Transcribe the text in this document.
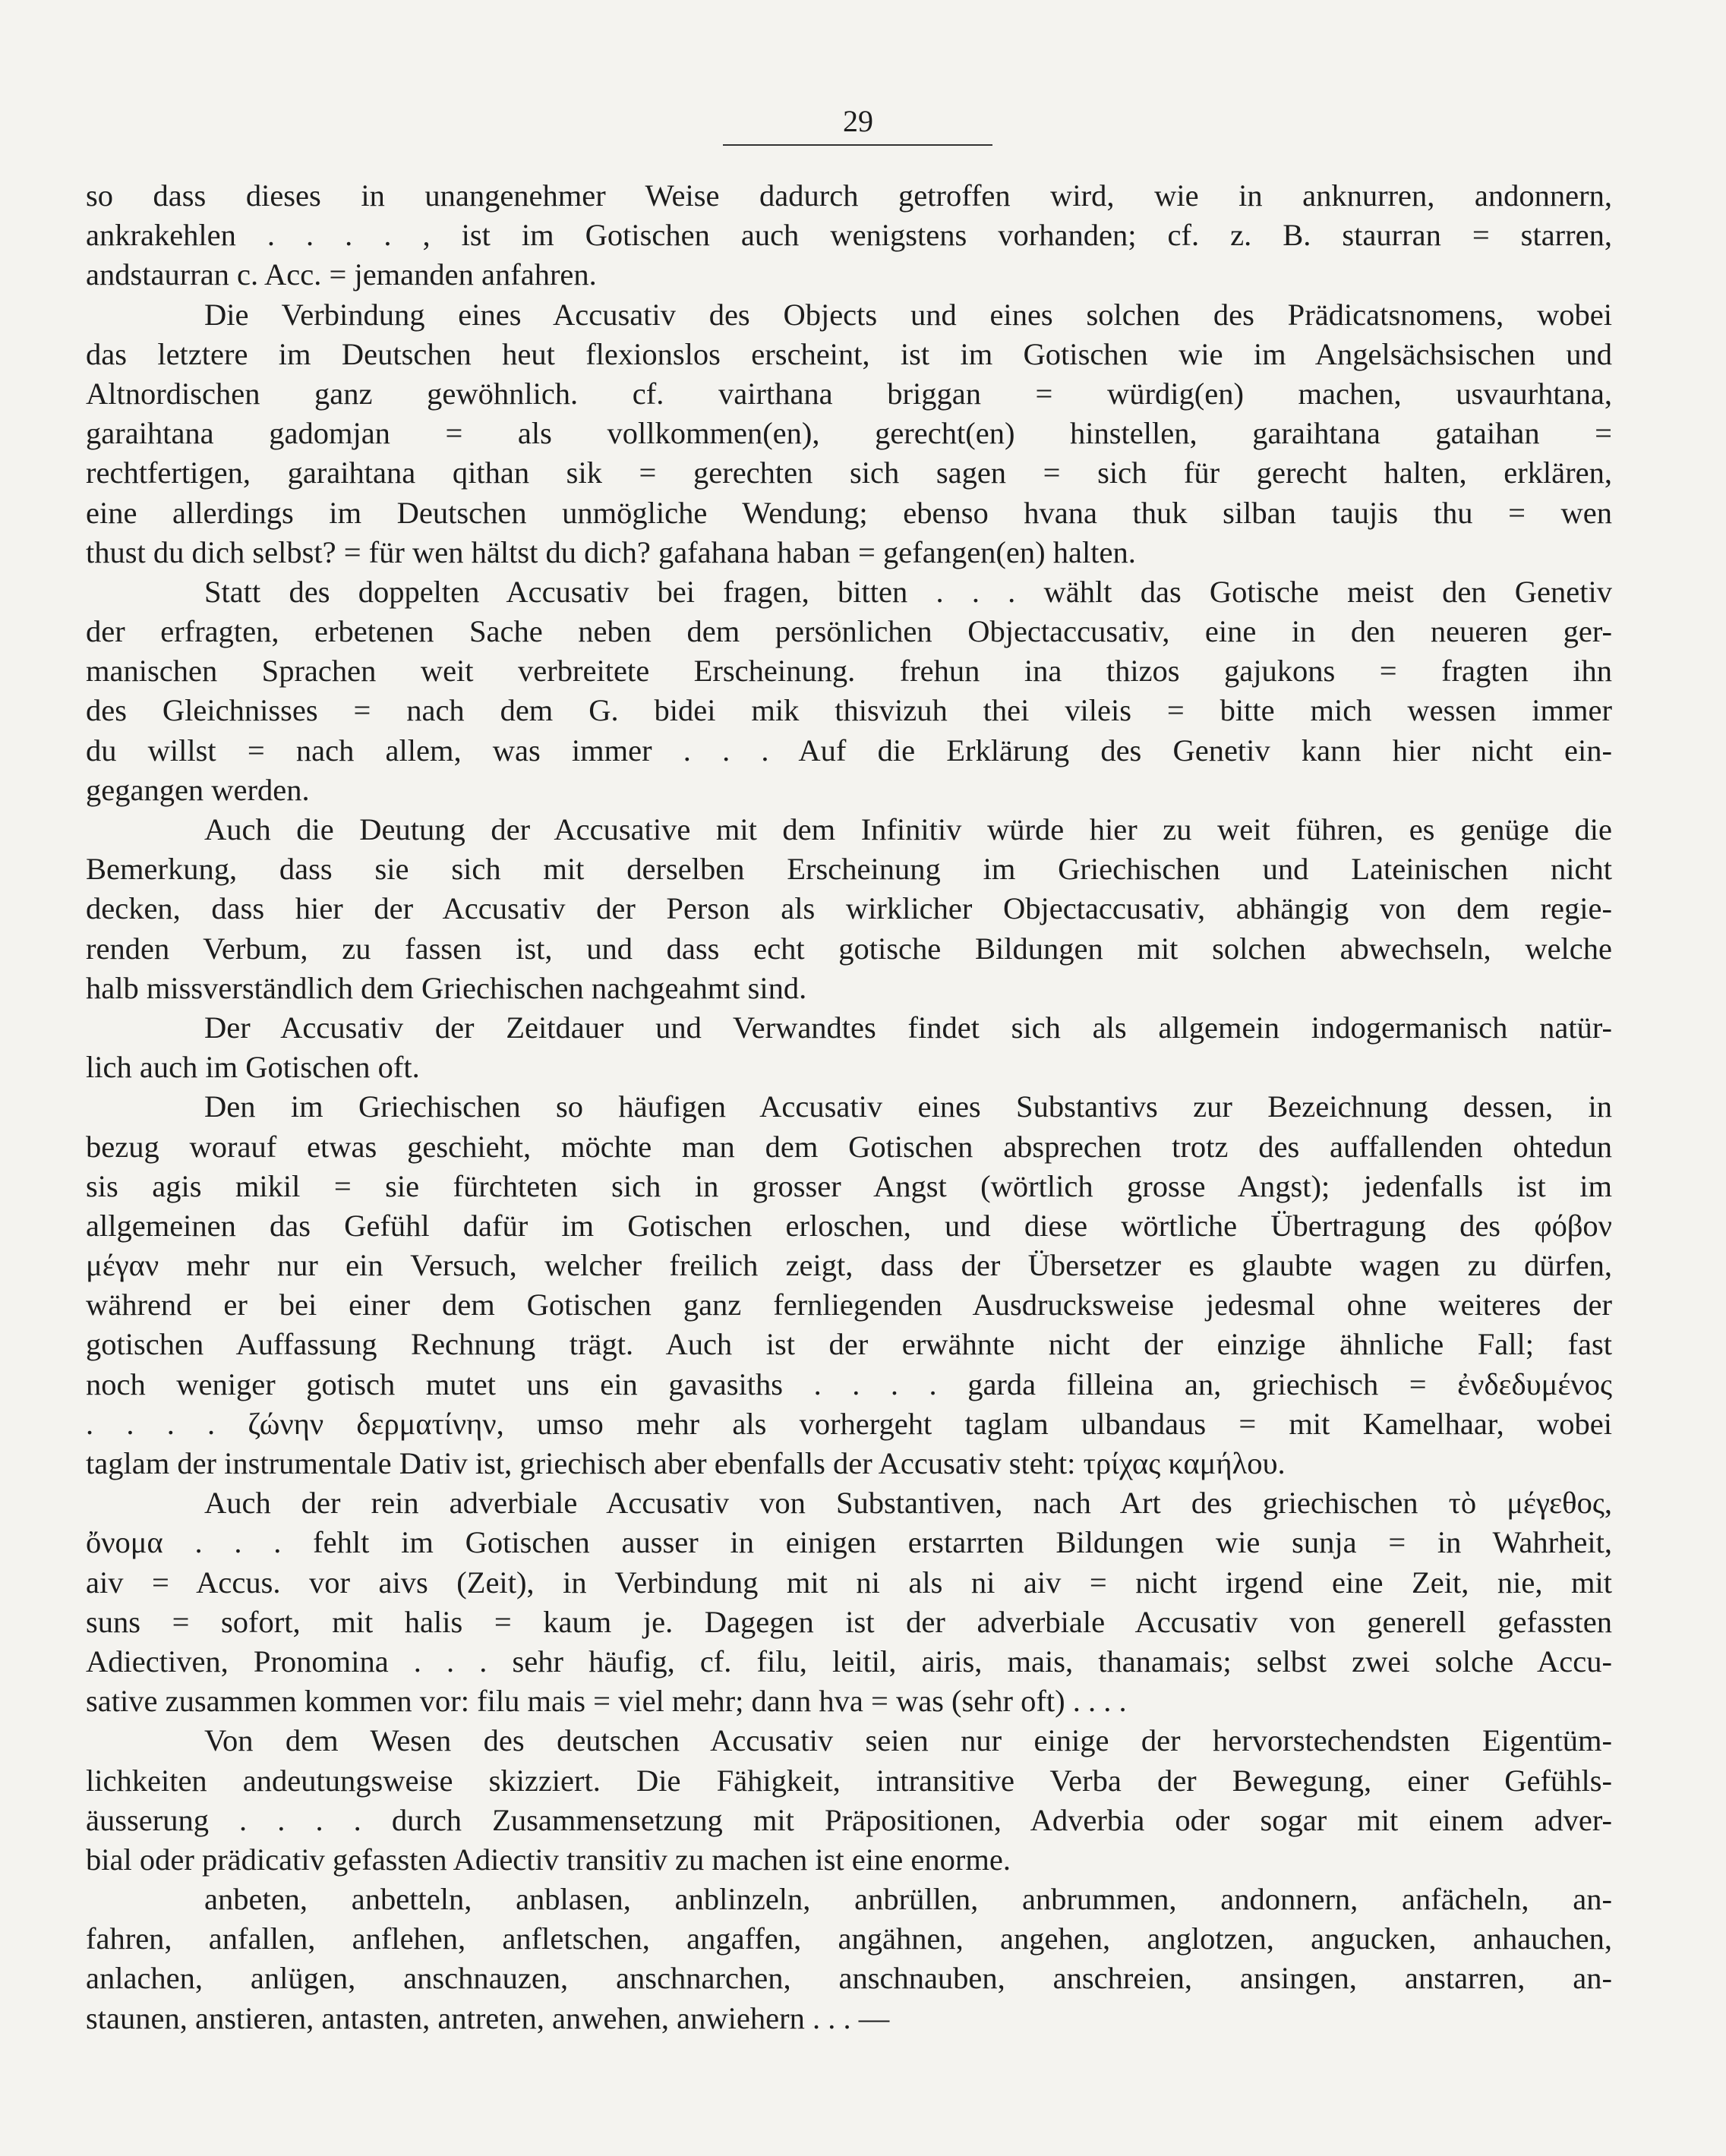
29
so dass dieses in unangenehmer Weise dadurch getroffen wird, wie in anknurren, andonnern,
ankrakehlen . . . . , ist im Gotischen auch wenigstens vorhanden; cf. z. B. staurran = starren,
andstaurran c. Acc. = jemanden anfahren.
Die Verbindung eines Accusativ des Objects und eines solchen des Prädicatsnomens, wobei
das letztere im Deutschen heut flexionslos erscheint, ist im Gotischen wie im Angelsächsischen und
Altnordischen ganz gewöhnlich. cf. vairthana briggan = würdig(en) machen, usvaurhtana,
garaihtana gadomjan = als vollkommen(en), gerecht(en) hinstellen, garaihtana gataihan =
rechtfertigen, garaihtana qithan sik = gerechten sich sagen = sich für gerecht halten, erklären,
eine allerdings im Deutschen unmögliche Wendung; ebenso hvana thuk silban taujis thu = wen
thust du dich selbst? = für wen hältst du dich? gafahana haban = gefangen(en) halten.
Statt des doppelten Accusativ bei fragen, bitten . . . wählt das Gotische meist den Genetiv
der erfragten, erbetenen Sache neben dem persönlichen Objectaccusativ, eine in den neueren ger-
manischen Sprachen weit verbreitete Erscheinung. frehun ina thizos gajukons = fragten ihn
des Gleichnisses = nach dem G. bidei mik thisvizuh thei vileis = bitte mich wessen immer
du willst = nach allem, was immer . . . Auf die Erklärung des Genetiv kann hier nicht ein-
gegangen werden.
Auch die Deutung der Accusative mit dem Infinitiv würde hier zu weit führen, es genüge die
Bemerkung, dass sie sich mit derselben Erscheinung im Griechischen und Lateinischen nicht
decken, dass hier der Accusativ der Person als wirklicher Objectaccusativ, abhängig von dem regie-
renden Verbum, zu fassen ist, und dass echt gotische Bildungen mit solchen abwechseln, welche
halb missverständlich dem Griechischen nachgeahmt sind.
Der Accusativ der Zeitdauer und Verwandtes findet sich als allgemein indogermanisch natür-
lich auch im Gotischen oft.
Den im Griechischen so häufigen Accusativ eines Substantivs zur Bezeichnung dessen, in
bezug worauf etwas geschieht, möchte man dem Gotischen absprechen trotz des auffallenden ohtedun
sis agis mikil = sie fürchteten sich in grosser Angst (wörtlich grosse Angst); jedenfalls ist im
allgemeinen das Gefühl dafür im Gotischen erloschen, und diese wörtliche Übertragung des φόβον
μέγαν mehr nur ein Versuch, welcher freilich zeigt, dass der Übersetzer es glaubte wagen zu dürfen,
während er bei einer dem Gotischen ganz fernliegenden Ausdrucksweise jedesmal ohne weiteres der
gotischen Auffassung Rechnung trägt. Auch ist der erwähnte nicht der einzige ähnliche Fall; fast
noch weniger gotisch mutet uns ein gavasiths . . . . garda filleina an, griechisch = ἐνδεδυμένος
. . . . ζώνην δερματίνην, umso mehr als vorhergeht taglam ulbandaus = mit Kamelhaar, wobei
taglam der instrumentale Dativ ist, griechisch aber ebenfalls der Accusativ steht: τρίχας καμήλου.
Auch der rein adverbiale Accusativ von Substantiven, nach Art des griechischen τὸ μέγεθος,
ὄνομα . . . fehlt im Gotischen ausser in einigen erstarrten Bildungen wie sunja = in Wahrheit,
aiv = Accus. vor aivs (Zeit), in Verbindung mit ni als ni aiv = nicht irgend eine Zeit, nie, mit
suns = sofort, mit halis = kaum je. Dagegen ist der adverbiale Accusativ von generell gefassten
Adiectiven, Pronomina . . . sehr häufig, cf. filu, leitil, airis, mais, thanamais; selbst zwei solche Accu-
sative zusammen kommen vor: filu mais = viel mehr; dann hva = was (sehr oft) . . . .
Von dem Wesen des deutschen Accusativ seien nur einige der hervorstechendsten Eigentüm-
lichkeiten andeutungsweise skizziert. Die Fähigkeit, intransitive Verba der Bewegung, einer Gefühls-
äusserung . . . . durch Zusammensetzung mit Präpositionen, Adverbia oder sogar mit einem adver-
bial oder prädicativ gefassten Adiectiv transitiv zu machen ist eine enorme.
anbeten, anbetteln, anblasen, anblinzeln, anbrüllen, anbrummen, andonnern, anfächeln, an-
fahren, anfallen, anflehen, anfletschen, angaffen, angähnen, angehen, anglotzen, angucken, anhauchen,
anlachen, anlügen, anschnauzen, anschnarchen, anschnauben, anschreien, ansingen, anstarren, an-
staunen, anstieren, antasten, antreten, anwehen, anwiehern . . . —
